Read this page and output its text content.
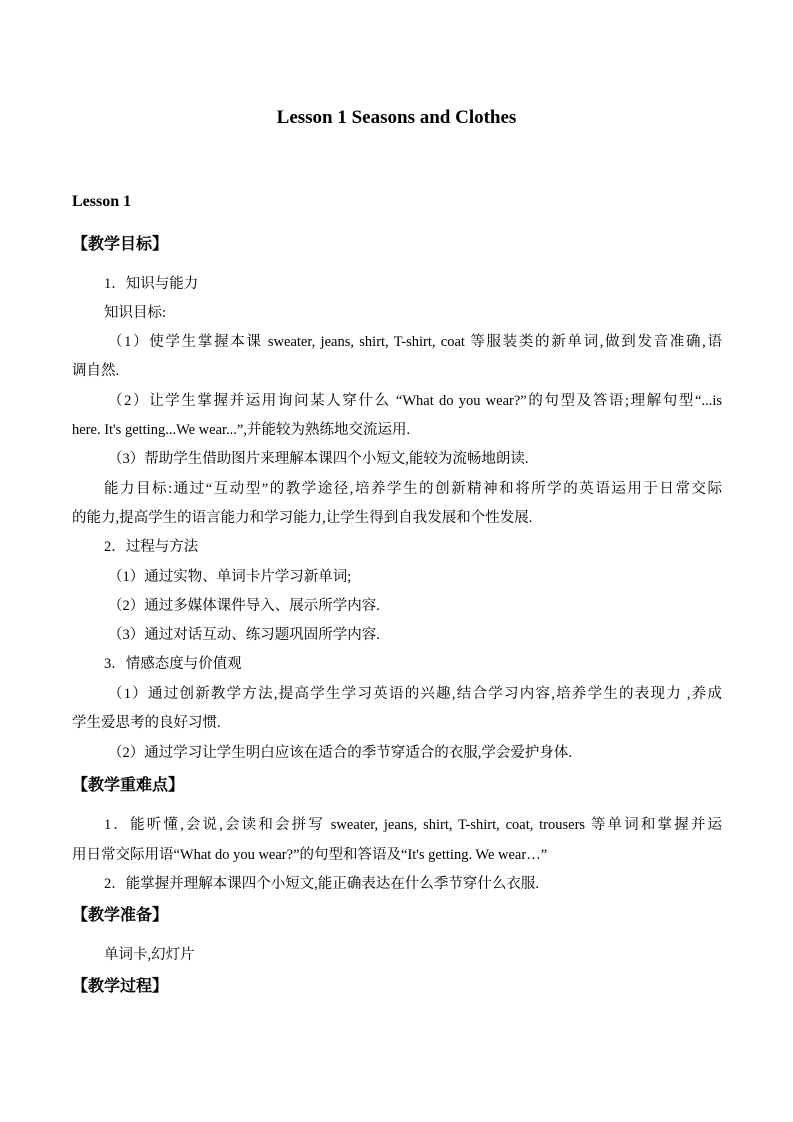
Lesson 1 Seasons and Clothes
Lesson 1
【教学目标】
1．知识与能力
知识目标:
（1）使学生掌握本课 sweater, jeans, shirt, T-shirt, coat 等服装类的新单词,做到发音准确,语
调自然.
（2）让学生掌握并运用询问某人穿什么 “What do you wear?”的句型及答语;理解句型“...is
here. It's getting...We wear...”,并能较为熟练地交流运用.
（3）帮助学生借助图片来理解本课四个小短文,能较为流畅地朗读.
能力目标:通过“互动型”的教学途径,培养学生的创新精神和将所学的英语运用于日常交际
的能力,提高学生的语言能力和学习能力,让学生得到自我发展和个性发展.
2．过程与方法
（1）通过实物、单词卡片学习新单词;
（2）通过多媒体课件导入、展示所学内容.
（3）通过对话互动、练习题巩固所学内容.
3．情感态度与价值观
（1）通过创新教学方法,提高学生学习英语的兴趣,结合学习内容,培养学生的表现力 ,养成
学生爱思考的良好习惯.
（2）通过学习让学生明白应该在适合的季节穿适合的衣服,学会爱护身体.
【教学重难点】
1．能听懂,会说,会读和会拼写 sweater, jeans, shirt, T-shirt, coat, trousers 等单词和掌握并运
用日常交际用语“What do you wear?”的句型和答语及“It's getting. We wear…”
2．能掌握并理解本课四个小短文,能正确表达在什么季节穿什么衣服.
【教学准备】
单词卡,幻灯片
【教学过程】
